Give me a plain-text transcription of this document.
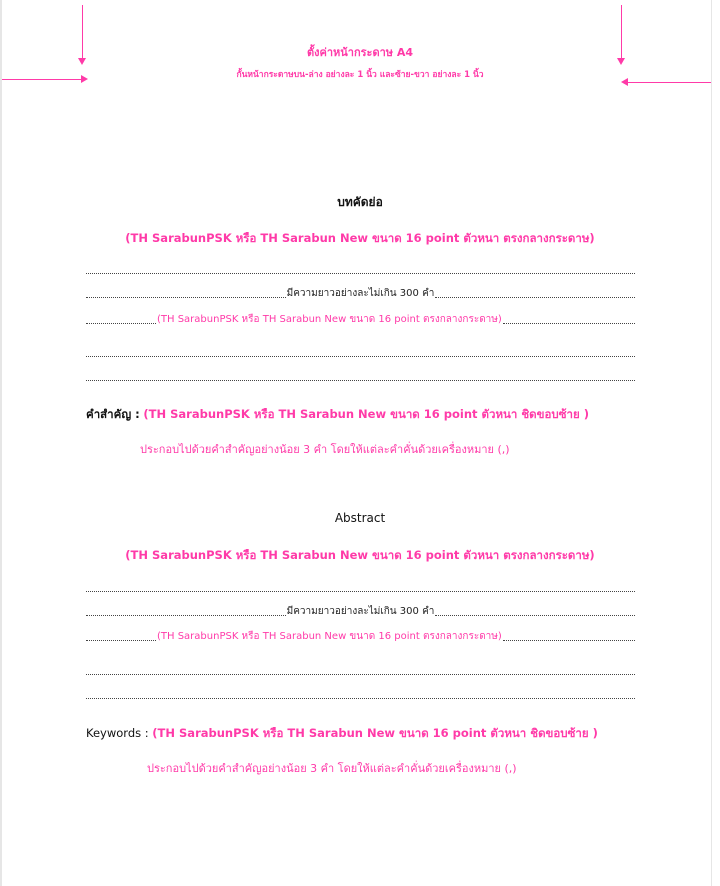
ตั้งค่าหน้ากระดาษ A4
กั้นหน้ากระดาษบน-ล่าง อย่างละ 1 นิ้ว และซ้าย-ขวา อย่างละ 1 นิ้ว
บทคัดย่อ
(TH SarabunPSK หรือ TH Sarabun New ขนาด 16 point ตัวหนา ตรงกลางกระดาษ)
มีความยาวอย่างละไม่เกิน 300 คำ
(TH SarabunPSK หรือ TH Sarabun New ขนาด 16 point ตรงกลางกระดาษ)
คำสำคัญ : (TH SarabunPSK หรือ TH Sarabun New ขนาด 16 point ตัวหนา ชิดขอบซ้าย )
ประกอบไปด้วยคำสำคัญอย่างน้อย 3 คำ โดยให้แต่ละคำคั่นด้วยเครื่องหมาย (,)
Abstract
(TH SarabunPSK หรือ TH Sarabun New ขนาด 16 point ตัวหนา ตรงกลางกระดาษ)
มีความยาวอย่างละไม่เกิน 300 คำ
(TH SarabunPSK หรือ TH Sarabun New ขนาด 16 point ตรงกลางกระดาษ)
Keywords : (TH SarabunPSK หรือ TH Sarabun New ขนาด 16 point ตัวหนา ชิดขอบซ้าย )
ประกอบไปด้วยคำสำคัญอย่างน้อย 3 คำ โดยให้แต่ละคำคั่นด้วยเครื่องหมาย (,)
